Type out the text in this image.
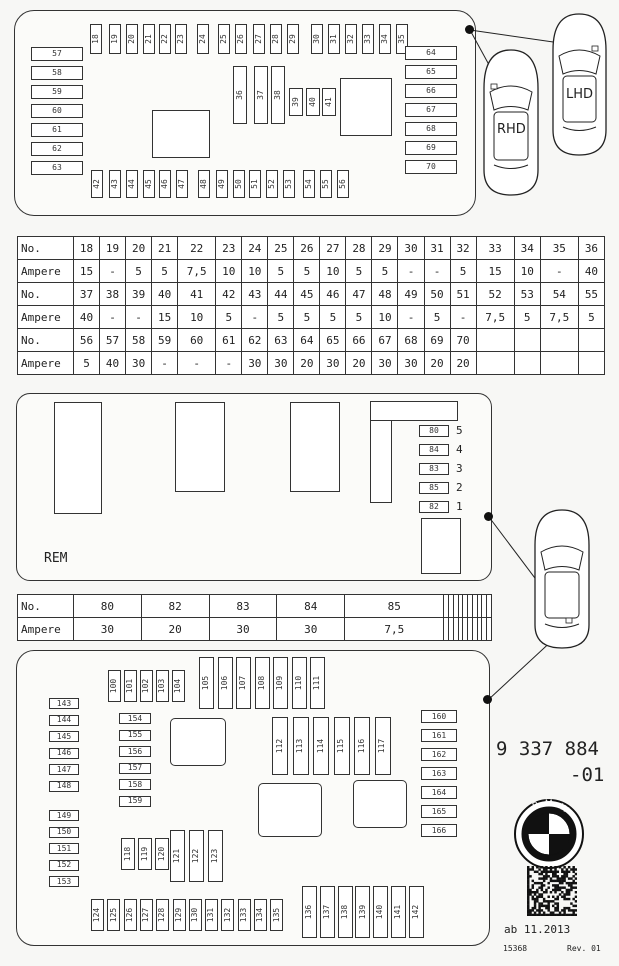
No.	18	19	20	21	22	23	24	25	26	27	28	29	30	31	32	33	34	35	36
Ampere	15	-	5	5	7,5	10	10	5	5	10	5	5	-	-	5	15	10	-	40
No.	37	38	39	40	41	42	43	44	45	46	47	48	49	50	51	52	53	54	55
Ampere	40	-	-	15	10	5	-	5	5	5	5	10	-	5	-	7,5	5	7,5	5
No.	56	57	58	59	60	61	62	63	64	65	66	67	68	69	70				
Ampere	5	40	30	-	-	-	30	30	20	30	20	30	30	20	20				
REM
No.	80	82	83	84	85										
Ampere	30	20	30	30	7,5										
9 337 884
-01
B M W
ab 11.2013
15368	Rev. 01
RHD
LHD
18 19 20 21 22 23 24 25 26 27 28 29 30 31 32 33 34 35
36 37 38
39 40 41
42 43 44 45 46 47 48 49 50 51 52 53 54 55 56
57
58
59
60
61
62
63
64
65
66
67
68
69
70
80 5
84 4
83 3
85 2
82 1
100 101 102 103 104 105 106 107 108 109 110 111
112 113 114 115 116 117
143
144
145
146
147
148
149
150
151
152
153
154
155
156
157
158
159
118 119 120 121 122 123
124 125 126 127 128 129 130 131 132 133 134 135	136 137 138 139 140 141 142
160
161
162
163
164
165
166
